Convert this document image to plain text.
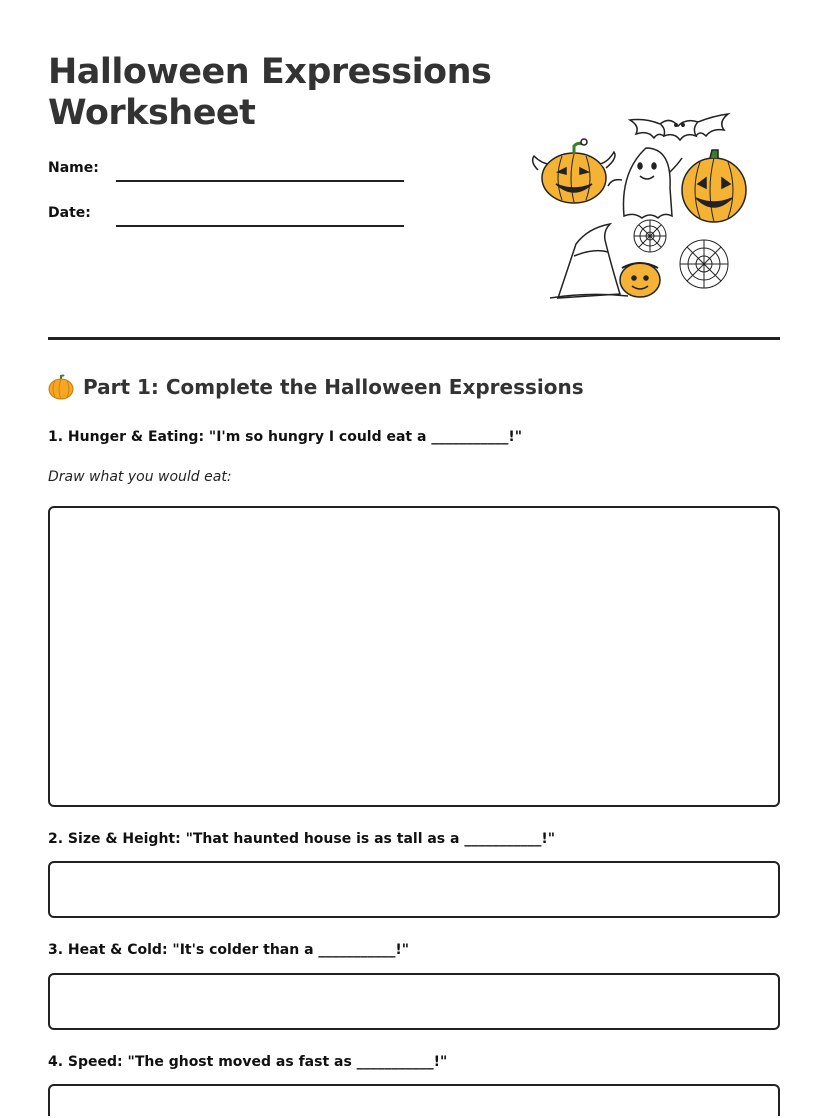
Halloween Expressions
Worksheet
Name:
Date:
Part 1: Complete the Halloween Expressions
1. Hunger & Eating: "I'm so hungry I could eat a ___________!"
Draw what you would eat:
2. Size & Height: "That haunted house is as tall as a ___________!"
3. Heat & Cold: "It's colder than a ___________!"
4. Speed: "The ghost moved as fast as ___________!"
